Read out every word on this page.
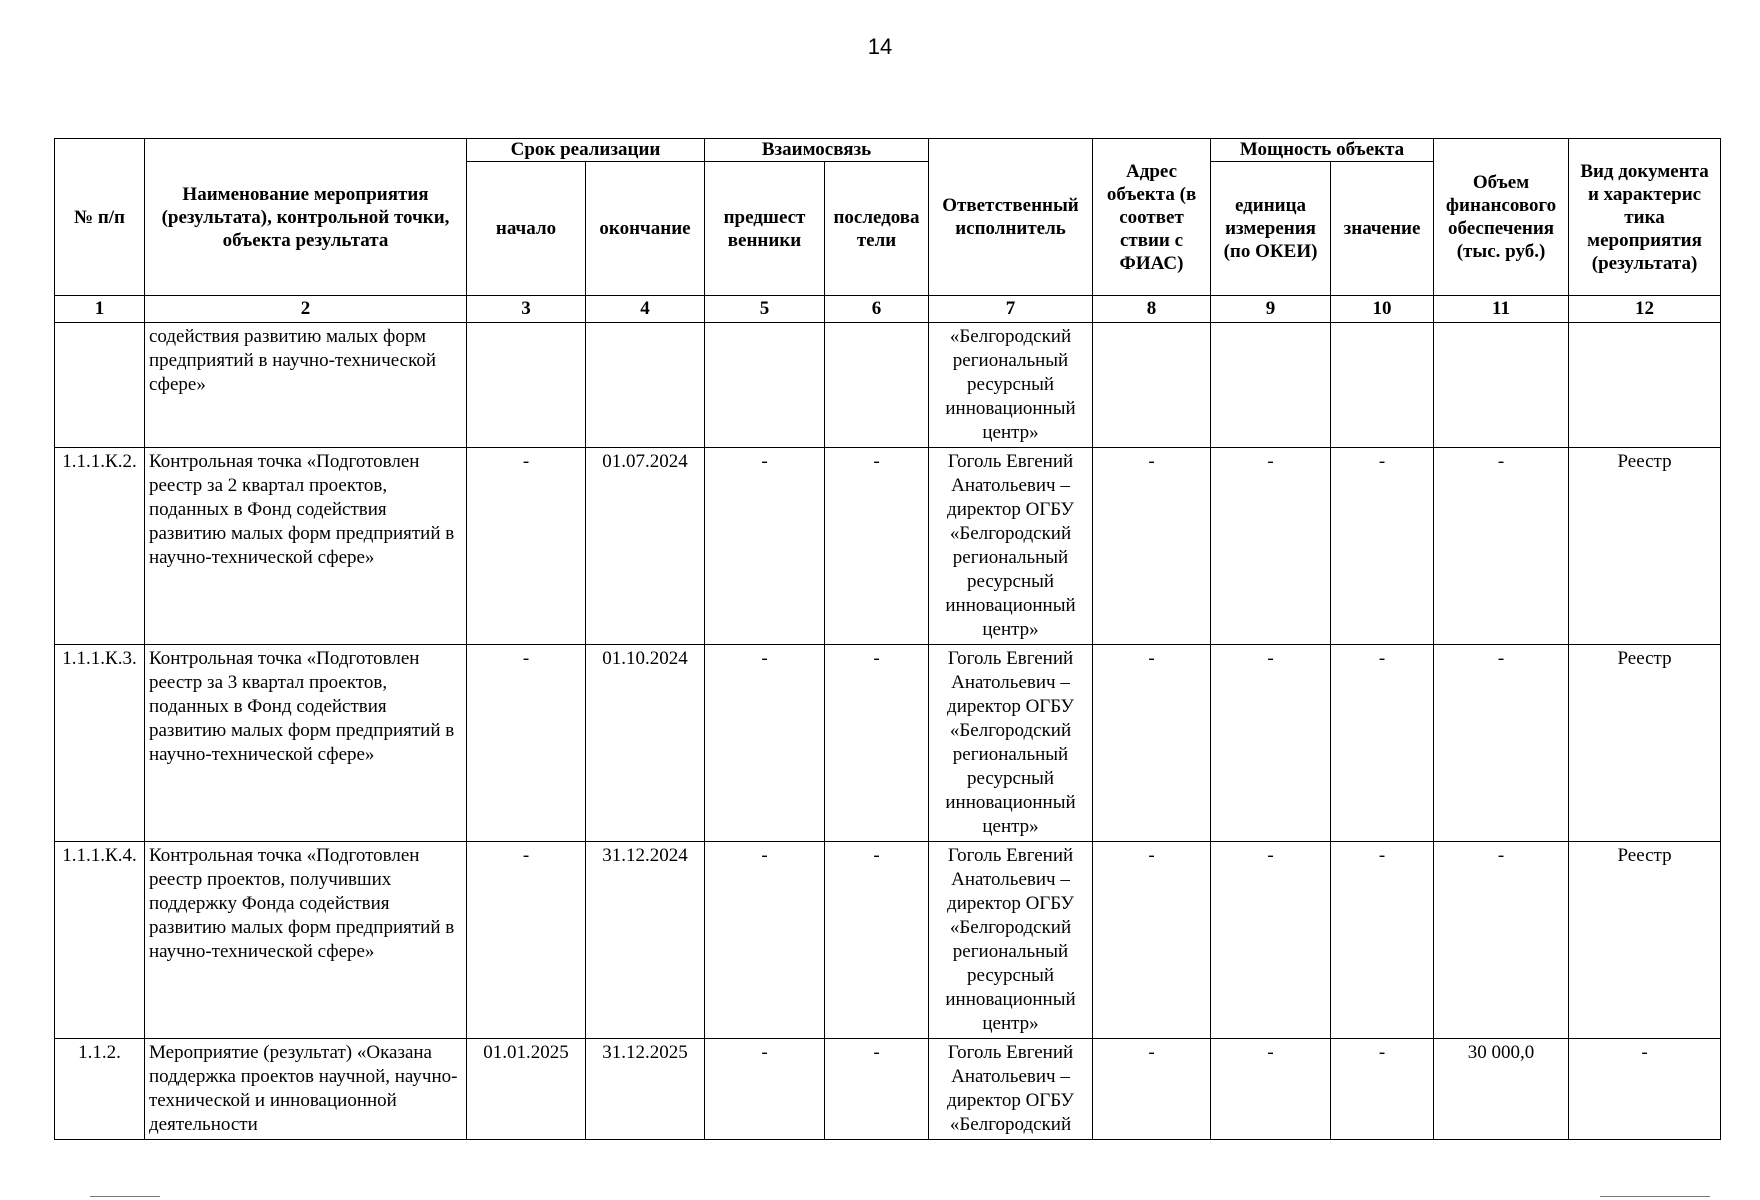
14
№ п/п	Наименование мероприятия (результата), контрольной точки, объекта результата	Срок реализации		Взаимосвязь		Ответственный исполнитель	Адрес объекта (в соответ ствии с ФИАС)	Мощность объекта		Объем финансового обеспечения (тыс. руб.)	Вид документа и характерис тика мероприятия (результата)
		начало	окончание	предшест венники	последова тели			единица измерения (по ОКЕИ)	значение		
1	2	3	4	5	6	7	8	9	10	11	12
	содействия развитию малых форм предприятий в научно-технической сфере»					«Белгородский региональный ресурсный инновационный центр»					
1.1.1.К.2.	Контрольная точка «Подготовлен реестр за 2 квартал проектов, поданных в Фонд содействия развитию малых форм предприятий в научно-технической сфере»	-	01.07.2024	-	-	Гоголь Евгений Анатольевич – директор ОГБУ «Белгородский региональный ресурсный инновационный центр»	-	-	-	-	Реестр
1.1.1.К.3.	Контрольная точка «Подготовлен реестр за 3 квартал проектов, поданных в Фонд содействия развитию малых форм предприятий в научно-технической сфере»	-	01.10.2024	-	-	Гоголь Евгений Анатольевич – директор ОГБУ «Белгородский региональный ресурсный инновационный центр»	-	-	-	-	Реестр
1.1.1.К.4.	Контрольная точка «Подготовлен реестр проектов, получивших поддержку Фонда содействия развитию малых форм предприятий в научно-технической сфере»	-	31.12.2024	-	-	Гоголь Евгений Анатольевич – директор ОГБУ «Белгородский региональный ресурсный инновационный центр»	-	-	-	-	Реестр
1.1.2.	Мероприятие (результат) «Оказана поддержка проектов научной, научно-технической и инновационной деятельности	01.01.2025	31.12.2025	-	-	Гоголь Евгений Анатольевич – директор ОГБУ «Белгородский	-	-	-	30 000,0	-
